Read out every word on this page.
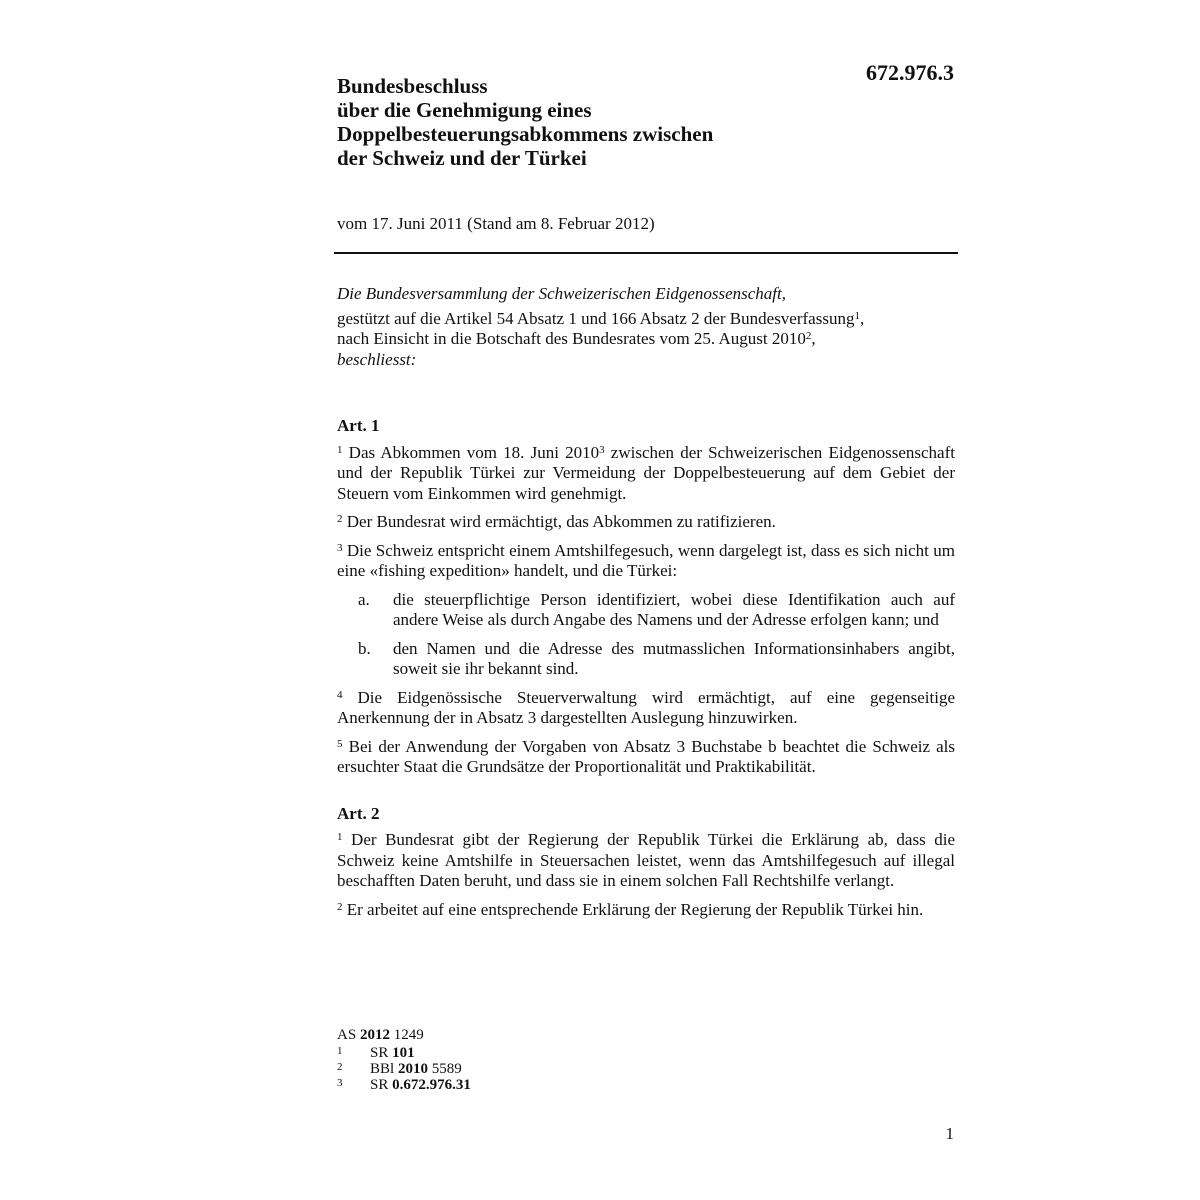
672.976.3
Bundesbeschluss
über die Genehmigung eines
Doppelbesteuerungsabkommens zwischen
der Schweiz und der Türkei
vom 17. Juni 2011 (Stand am 8. Februar 2012)

Die Bundesversammlung der Schweizerischen Eidgenossenschaft,

gestützt auf die Artikel 54 Absatz 1 und 166 Absatz 2 der Bundesverfassung$^1$,

nach Einsicht in die Botschaft des Bundesrates vom 25. August 2010$^2$,

beschliesst:

Art. 1

$^1$ Das Abkommen vom 18. Juni 2010$^3$ zwischen der Schweizerischen Eidgenossenschaft und der Republik Türkei zur Vermeidung der Doppelbesteuerung auf dem Gebiet der Steuern vom Einkommen wird genehmigt.

$^2$ Der Bundesrat wird ermächtigt, das Abkommen zu ratifizieren.

$^3$ Die Schweiz entspricht einem Amtshilfegesuch, wenn dargelegt ist, dass es sich nicht um eine «fishing expedition» handelt, und die Türkei:

a.	die steuerpflichtige Person identifiziert, wobei diese Identifikation auch auf andere Weise als durch Angabe des Namens und der Adresse erfolgen kann; und
b.	den Namen und die Adresse des mutmasslichen Informationsinhabers angibt, soweit sie ihr bekannt sind.

$^4$ Die Eidgenössische Steuerverwaltung wird ermächtigt, auf eine gegenseitige Anerkennung der in Absatz 3 dargestellten Auslegung hinzuwirken.

$^5$ Bei der Anwendung der Vorgaben von Absatz 3 Buchstabe b beachtet die Schweiz als ersuchter Staat die Grundsätze der Proportionalität und Praktikabilität.

Art. 2

$^1$ Der Bundesrat gibt der Regierung der Republik Türkei die Erklärung ab, dass die Schweiz keine Amtshilfe in Steuersachen leistet, wenn das Amtshilfegesuch auf illegal beschafften Daten beruht, und dass sie in einem solchen Fall Rechtshilfe verlangt.

$^2$ Er arbeitet auf eine entsprechende Erklärung der Regierung der Republik Türkei hin.

AS 2012 1249
1	SR 101
2	BBl 2010 5589
3	SR 0.672.976.31
1
